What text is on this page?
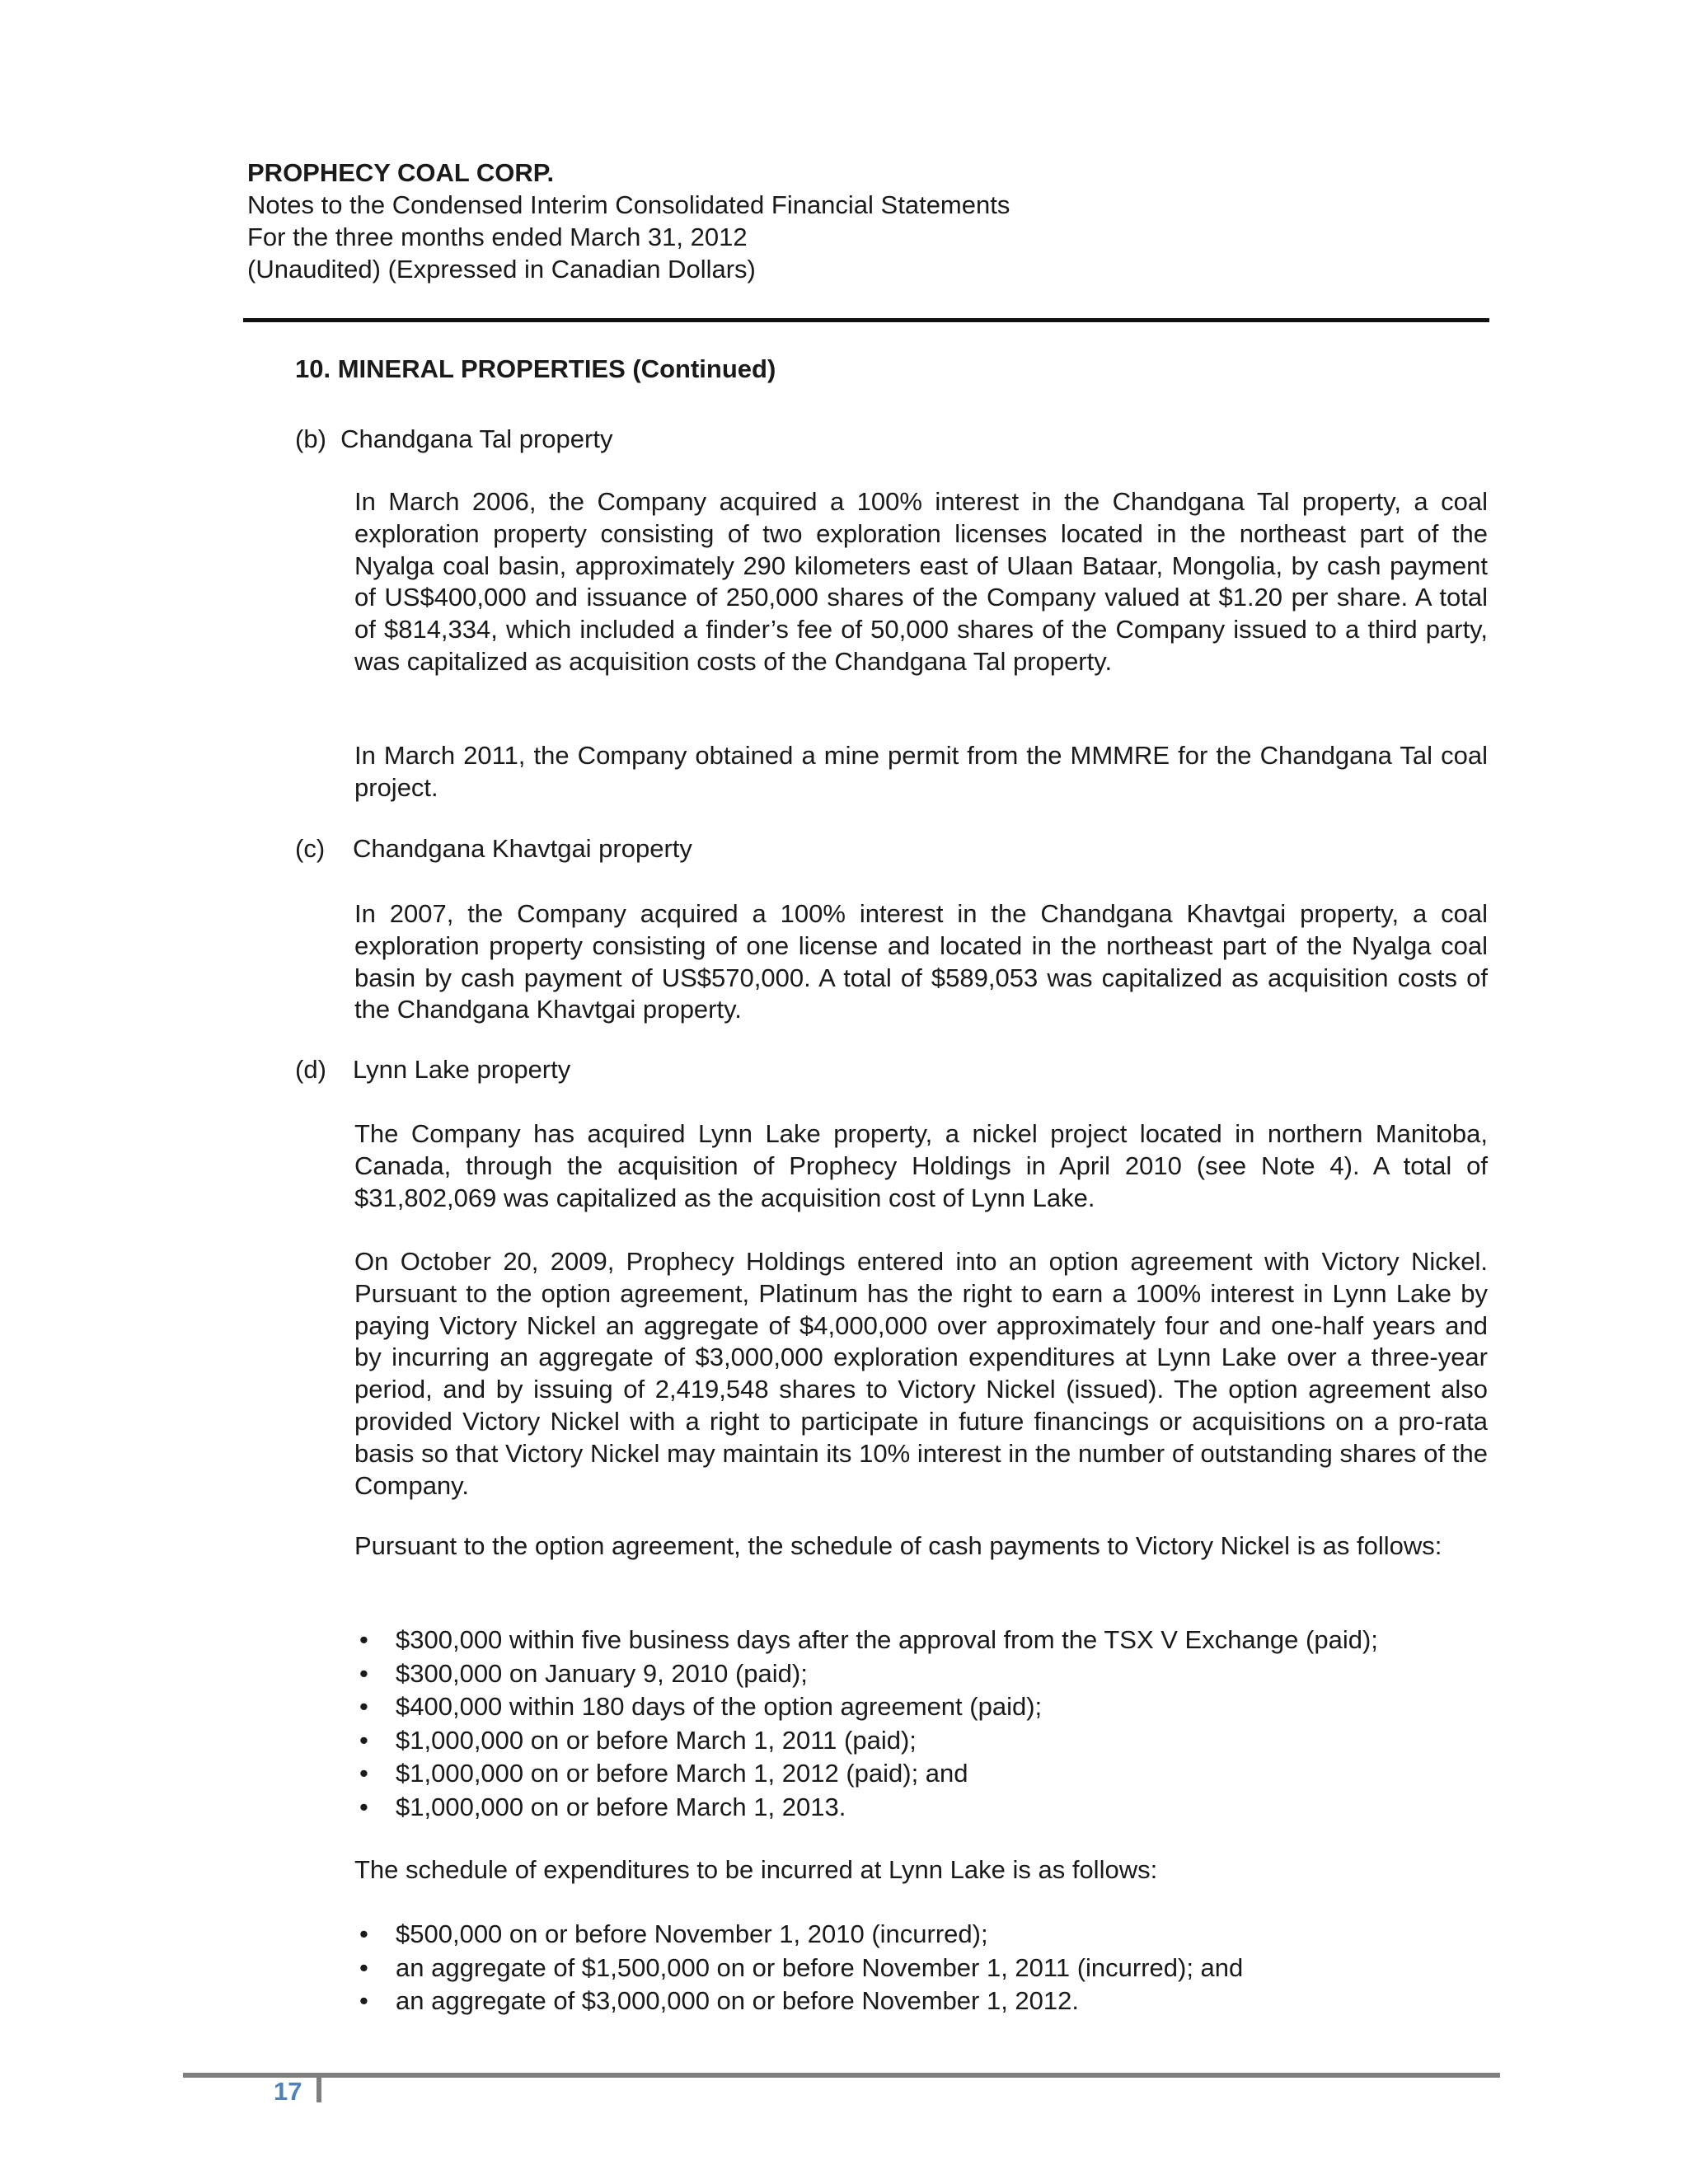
PROPHECY COAL CORP.
Notes to the Condensed Interim Consolidated Financial Statements
For the three months ended March 31, 2012
(Unaudited) (Expressed in Canadian Dollars)
10. MINERAL PROPERTIES (Continued)
(b) Chandgana Tal property
In March 2006, the Company acquired a 100% interest in the Chandgana Tal property, a coal exploration property consisting of two exploration licenses located in the northeast part of the Nyalga coal basin, approximately 290 kilometers east of Ulaan Bataar, Mongolia, by cash payment of US$400,000 and issuance of 250,000 shares of the Company valued at $1.20 per share. A total of $814,334, which included a finder’s fee of 50,000 shares of the Company issued to a third party, was capitalized as acquisition costs of the Chandgana Tal property.
In March 2011, the Company obtained a mine permit from the MMMRE for the Chandgana Tal coal project.
(c) Chandgana Khavtgai property
In 2007, the Company acquired a 100% interest in the Chandgana Khavtgai property, a coal exploration property consisting of one license and located in the northeast part of the Nyalga coal basin by cash payment of US$570,000. A total of $589,053 was capitalized as acquisition costs of the Chandgana Khavtgai property.
(d) Lynn Lake property
The Company has acquired Lynn Lake property, a nickel project located in northern Manitoba, Canada, through the acquisition of Prophecy Holdings in April 2010 (see Note 4). A total of $31,802,069 was capitalized as the acquisition cost of Lynn Lake.
On October 20, 2009, Prophecy Holdings entered into an option agreement with Victory Nickel. Pursuant to the option agreement, Platinum has the right to earn a 100% interest in Lynn Lake by paying Victory Nickel an aggregate of $4,000,000 over approximately four and one-half years and by incurring an aggregate of $3,000,000 exploration expenditures at Lynn Lake over a three-year period, and by issuing of 2,419,548 shares to Victory Nickel (issued). The option agreement also provided Victory Nickel with a right to participate in future financings or acquisitions on a pro-rata basis so that Victory Nickel may maintain its 10% interest in the number of outstanding shares of the Company.
Pursuant to the option agreement, the schedule of cash payments to Victory Nickel is as follows:
• $300,000 within five business days after the approval from the TSX V Exchange (paid);
• $300,000 on January 9, 2010 (paid);
• $400,000 within 180 days of the option agreement (paid);
• $1,000,000 on or before March 1, 2011 (paid);
• $1,000,000 on or before March 1, 2012 (paid); and
• $1,000,000 on or before March 1, 2013.
The schedule of expenditures to be incurred at Lynn Lake is as follows:
• $500,000 on or before November 1, 2010 (incurred);
• an aggregate of $1,500,000 on or before November 1, 2011 (incurred); and
• an aggregate of $3,000,000 on or before November 1, 2012.
17
